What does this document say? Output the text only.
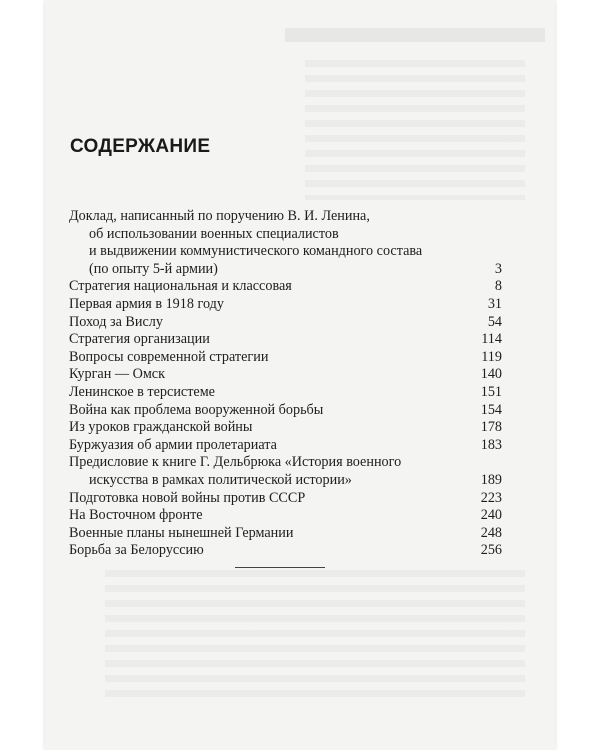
СОДЕРЖАНИЕ
Доклад, написанный по поручению В. И. Ленина,
об использовании военных специалистов
и выдвижении коммунистического командного состава
(по опыту 5-й армии)	3
Стратегия национальная и классовая	8
Первая армия в 1918 году	31
Поход за Вислу	54
Стратегия организации	114
Вопросы современной стратегии	119
Курган — Омск	140
Ленинское в терсистеме	151
Война как проблема вооруженной борьбы	154
Из уроков гражданской войны	178
Буржуазия об армии пролетариата	183
Предисловие к книге Г. Дельбрюка «История военного
искусства в рамках политической истории»	189
Подготовка новой войны против СССР	223
На Восточном фронте	240
Военные планы нынешней Германии	248
Борьба за Белоруссию	256
